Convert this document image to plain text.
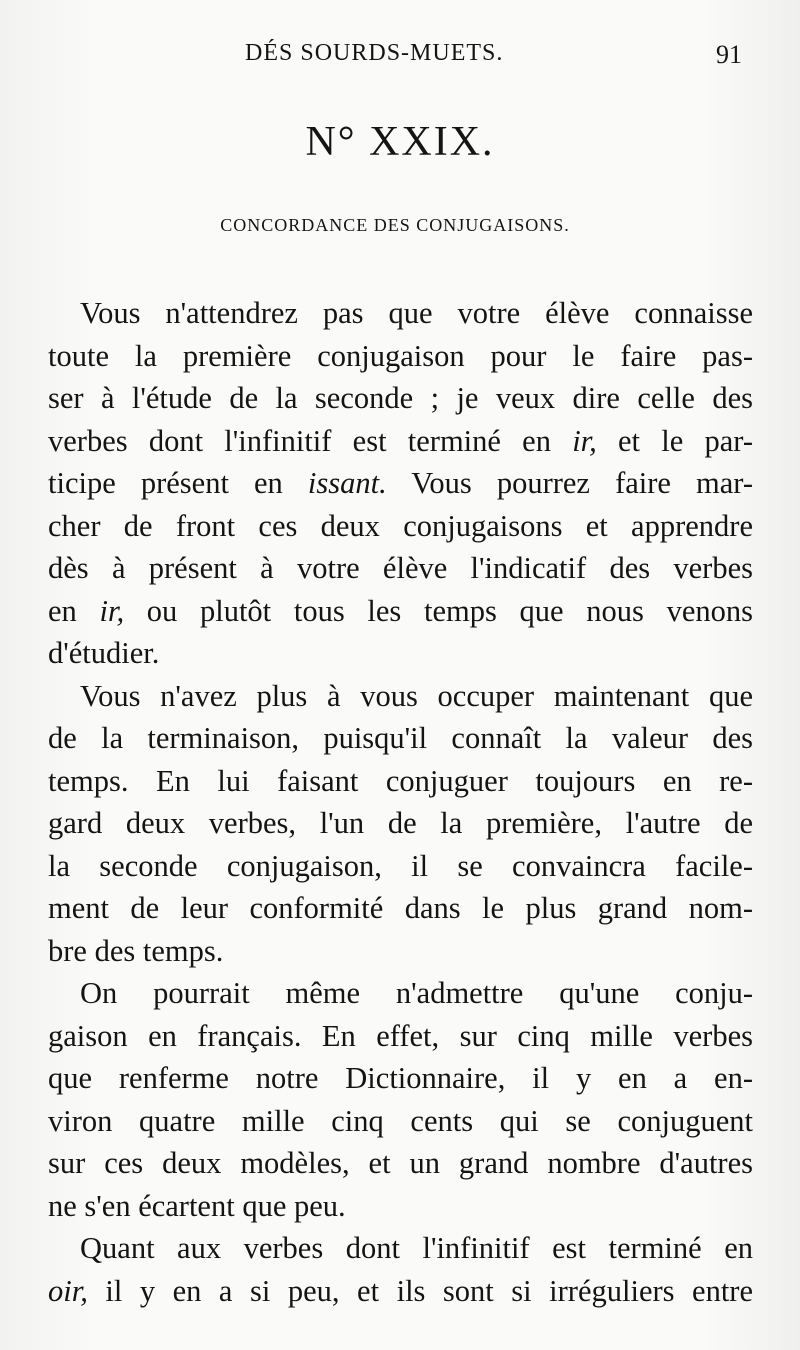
DÉS SOURDS-MUETS.	91
N° XXIX.
CONCORDANCE DES CONJUGAISONS.
Vous n'attendrez pas que votre élève connaisse
toute la première conjugaison pour le faire pas-
ser à l'étude de la seconde ; je veux dire celle des
verbes dont l'infinitif est terminé en ir, et le par-
ticipe présent en issant. Vous pourrez faire mar-
cher de front ces deux conjugaisons et apprendre
dès à présent à votre élève l'indicatif des verbes
en ir, ou plutôt tous les temps que nous venons
d'étudier.
Vous n'avez plus à vous occuper maintenant que
de la terminaison, puisqu'il connaît la valeur des
temps. En lui faisant conjuguer toujours en re-
gard deux verbes, l'un de la première, l'autre de
la seconde conjugaison, il se convaincra facile-
ment de leur conformité dans le plus grand nom-
bre des temps.
On pourrait même n'admettre qu'une conju-
gaison en français. En effet, sur cinq mille verbes
que renferme notre Dictionnaire, il y en a en-
viron quatre mille cinq cents qui se conjuguent
sur ces deux modèles, et un grand nombre d'autres
ne s'en écartent que peu.
Quant aux verbes dont l'infinitif est terminé en
oir, il y en a si peu, et ils sont si irréguliers entre
